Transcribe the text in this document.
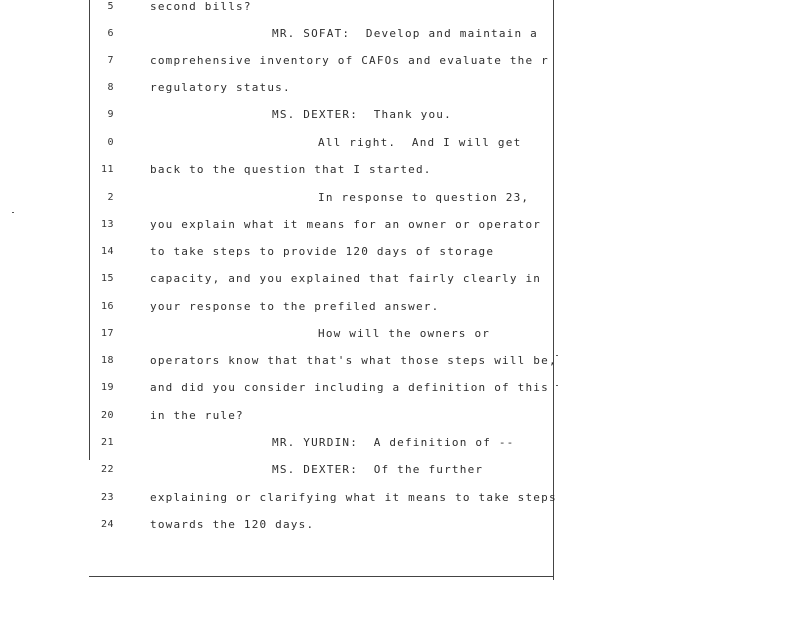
5	second bills?
6	MR. SOFAT:  Develop and maintain a
7	comprehensive inventory of CAFOs and evaluate the r
8	regulatory status.
9	MS. DEXTER:  Thank you.
0	All right.  And I will get
11	back to the question that I started.
2	In response to question 23,
13	you explain what it means for an owner or operator
14	to take steps to provide 120 days of storage
15	capacity, and you explained that fairly clearly in
16	your response to the prefiled answer.
17	How will the owners or
18	operators know that that's what those steps will be,
19	and did you consider including a definition of this
20	in the rule?
21	MR. YURDIN:  A definition of --
22	MS. DEXTER:  Of the further
23	explaining or clarifying what it means to take steps
24	towards the 120 days.
